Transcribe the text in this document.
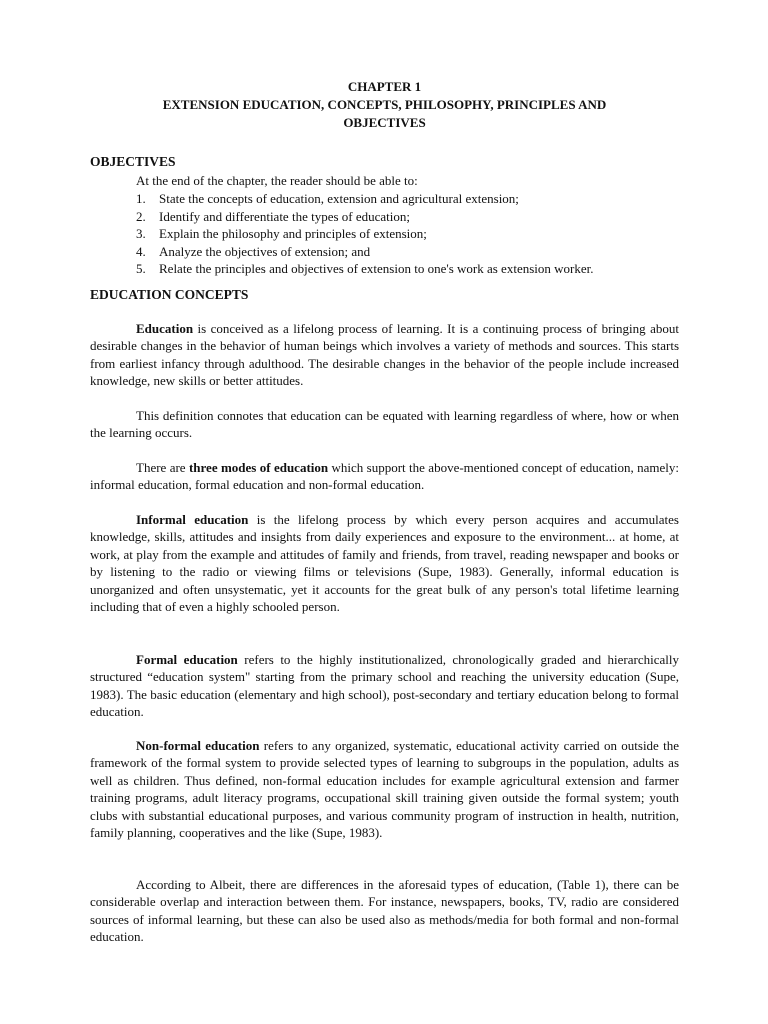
CHAPTER 1
EXTENSION EDUCATION, CONCEPTS, PHILOSOPHY, PRINCIPLES AND
OBJECTIVES
OBJECTIVES
At the end of the chapter, the reader should be able to:
1.	State the concepts of education, extension and agricultural extension;
2.	Identify and differentiate the types of education;
3.	Explain the philosophy and principles of extension;
4.	Analyze the objectives of extension; and
5.	Relate the principles and objectives of extension to one's work as extension worker.
EDUCATION CONCEPTS

Education is conceived as a lifelong process of learning. It is a continuing process of bringing about desirable changes in the behavior of human beings which involves a variety of methods and sources. This starts from earliest infancy through adulthood. The desirable changes in the behavior of the people include increased knowledge, new skills or better attitudes.

This definition connotes that education can be equated with learning regardless of where, how or when the learning occurs.

There are three modes of education which support the above-mentioned concept of education, namely: informal education, formal education and non-formal education.

Informal education is the lifelong process by which every person acquires and accumulates knowledge, skills, attitudes and insights from daily experiences and exposure to the environment... at home, at work, at play from the example and attitudes of family and friends, from travel, reading newspaper and books or by listening to the radio or viewing films or televisions (Supe, 1983). Generally, informal education is unorganized and often unsystematic, yet it accounts for the great bulk of any person's total lifetime learning including that of even a highly schooled person.

Formal education refers to the highly institutionalized, chronologically graded and hierarchically structured “education system" starting from the primary school and reaching the university education (Supe, 1983). The basic education (elementary and high school), post-secondary and tertiary education belong to formal education.

Non-formal education refers to any organized, systematic, educational activity carried on outside the framework of the formal system to provide selected types of learning to subgroups in the population, adults as well as children. Thus defined, non-formal education includes for example agricultural extension and farmer training programs, adult literacy programs, occupational skill training given outside the formal system; youth clubs with substantial educational purposes, and various community program of instruction in health, nutrition, family planning, cooperatives and the like (Supe, 1983).

According to Albeit, there are differences in the aforesaid types of education, (Table 1), there can be considerable overlap and interaction between them. For instance, newspapers, books, TV, radio are considered sources of informal learning, but these can also be used also as methods/media for both formal and non-formal education.
